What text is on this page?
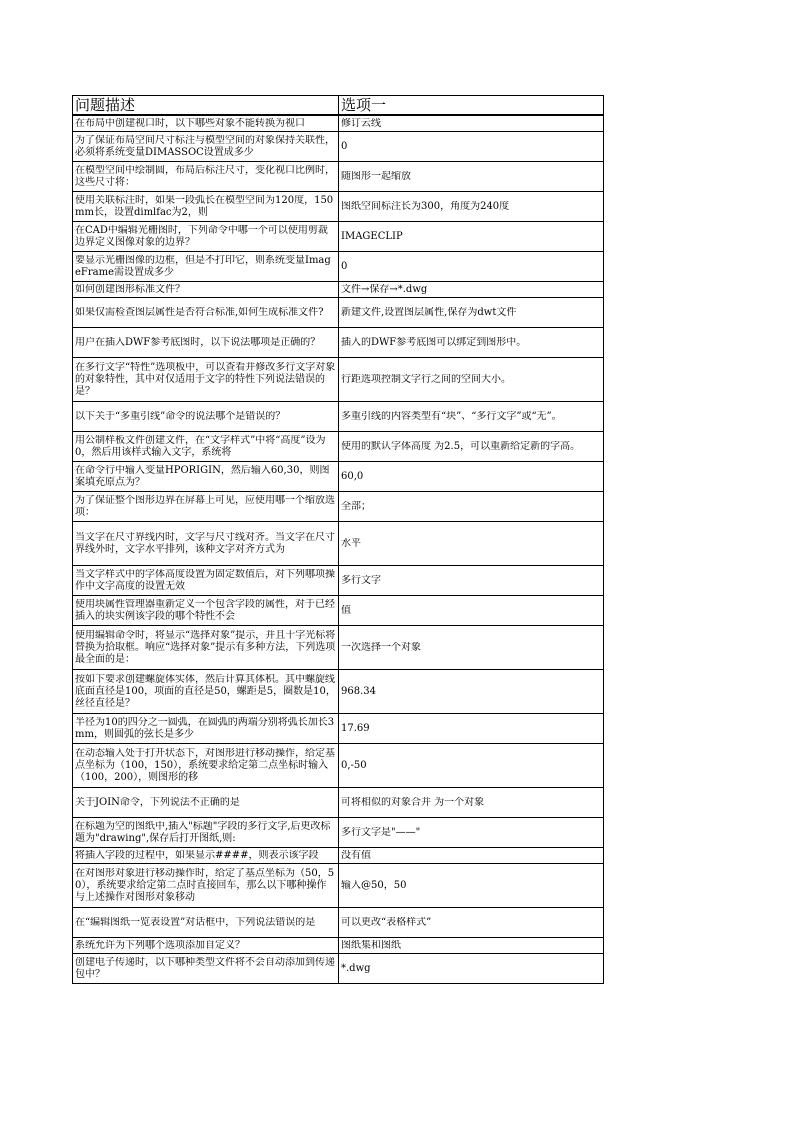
问题描述	选项一

在布局中创建视口时，以下哪些对象不能转换为视口	修订云线

为了保证布局空间尺寸标注与模型空间的对象保持关联性，必须将系统变量DIMASSOC设置成多少	0

在模型空间中绘制圆，布局后标注尺寸，变化视口比例时，这些尺寸将：	随图形一起缩放

使用关联标注时，如果一段弧长在模型空间为120度，150mm长，设置dimlfac为2，则	图纸空间标注长为300，角度为240度

在CAD中编辑光栅图时，下列命令中哪一个可以使用剪裁边界定义图像对象的边界？	IMAGECLIP

要显示光栅图像的边框，但是不打印它，则系统变量ImageFrame需设置成多少	0

如何创建图形标准文件？	文件→保存→*.dwg

如果仅需检查图层属性是否符合标准,如何生成标准文件?	新建文件,设置图层属性,保存为dwt文件

用户在插入DWF参考底图时，以下说法哪项是正确的？	插入的DWF参考底图可以绑定到图形中。

在多行文字“特性”选项板中，可以查看并修改多行文字对象的对象特性，其中对仅适用于文字的特性下列说法错误的是？	行距选项控制文字行之间的空间大小。

以下关于“多重引线”命令的说法哪个是错误的？	多重引线的内容类型有“块”、“多行文字”或“无”。

用公制样板文件创建文件，在“文字样式”中将“高度”设为0，然后用该样式输入文字，系统将	使用的默认字体高度 为2.5，可以重新给定新的字高。

在命令行中输入变量HPORIGIN，然后输入60,30，则图案填充原点为？	60,0

为了保证整个图形边界在屏幕上可见，应使用哪一个缩放选项：	全部；

当文字在尺寸界线内时，文字与尺寸线对齐。当文字在尺寸界线外时，文字水平排列，该种文字对齐方式为	水平

当文字样式中的字体高度设置为固定数值后，对下列哪项操作中文字高度的设置无效	多行文字

使用块属性管理器重新定义一个包含字段的属性，对于已经插入的块实例该字段的哪个特性不会	值

使用编辑命令时，将显示“选择对象”提示，并且十字光标将替换为拾取框。响应“选择对象”提示有多种方法，下列选项最全面的是：	一次选择一个对象

按如下要求创建螺旋体实体，然后计算其体积。其中螺旋线底面直径是100，项面的直径是50，螺距是5，圈数是10，丝径直径是？	968.34

半径为10的四分之一圆弧，在圆弧的两端分别将弧长加长3mm，则圆弧的弦长是多少	17.69

在动态输入处于打开状态下，对图形进行移动操作，给定基点坐标为（100，150），系统要求给定第二点坐标时输入（100，200），则图形的移	0,-50

关于JOIN命令，下列说法不正确的是	可将相似的对象合并 为一个对象

在标题为空的图纸中,插入"标题"字段的多行文字,后更改标题为"drawing",保存后打开图纸,则:	多行文字是"——"

将插入字段的过程中，如果显示####，则表示该字段	没有值

在对图形对象进行移动操作时，给定了基点坐标为（50，50），系统要求给定第二点时直接回车，那么以下哪种操作与上述操作对图形对象移动	输入@50，50

在“编辑图纸一览表设置”对话框中，下列说法错误的是	可以更改“表格样式”

系统允许为下列哪个选项添加自定义？	图纸集和图纸

创建电子传递时，以下哪种类型文件将不会自动添加到传递包中？	*.dwg
